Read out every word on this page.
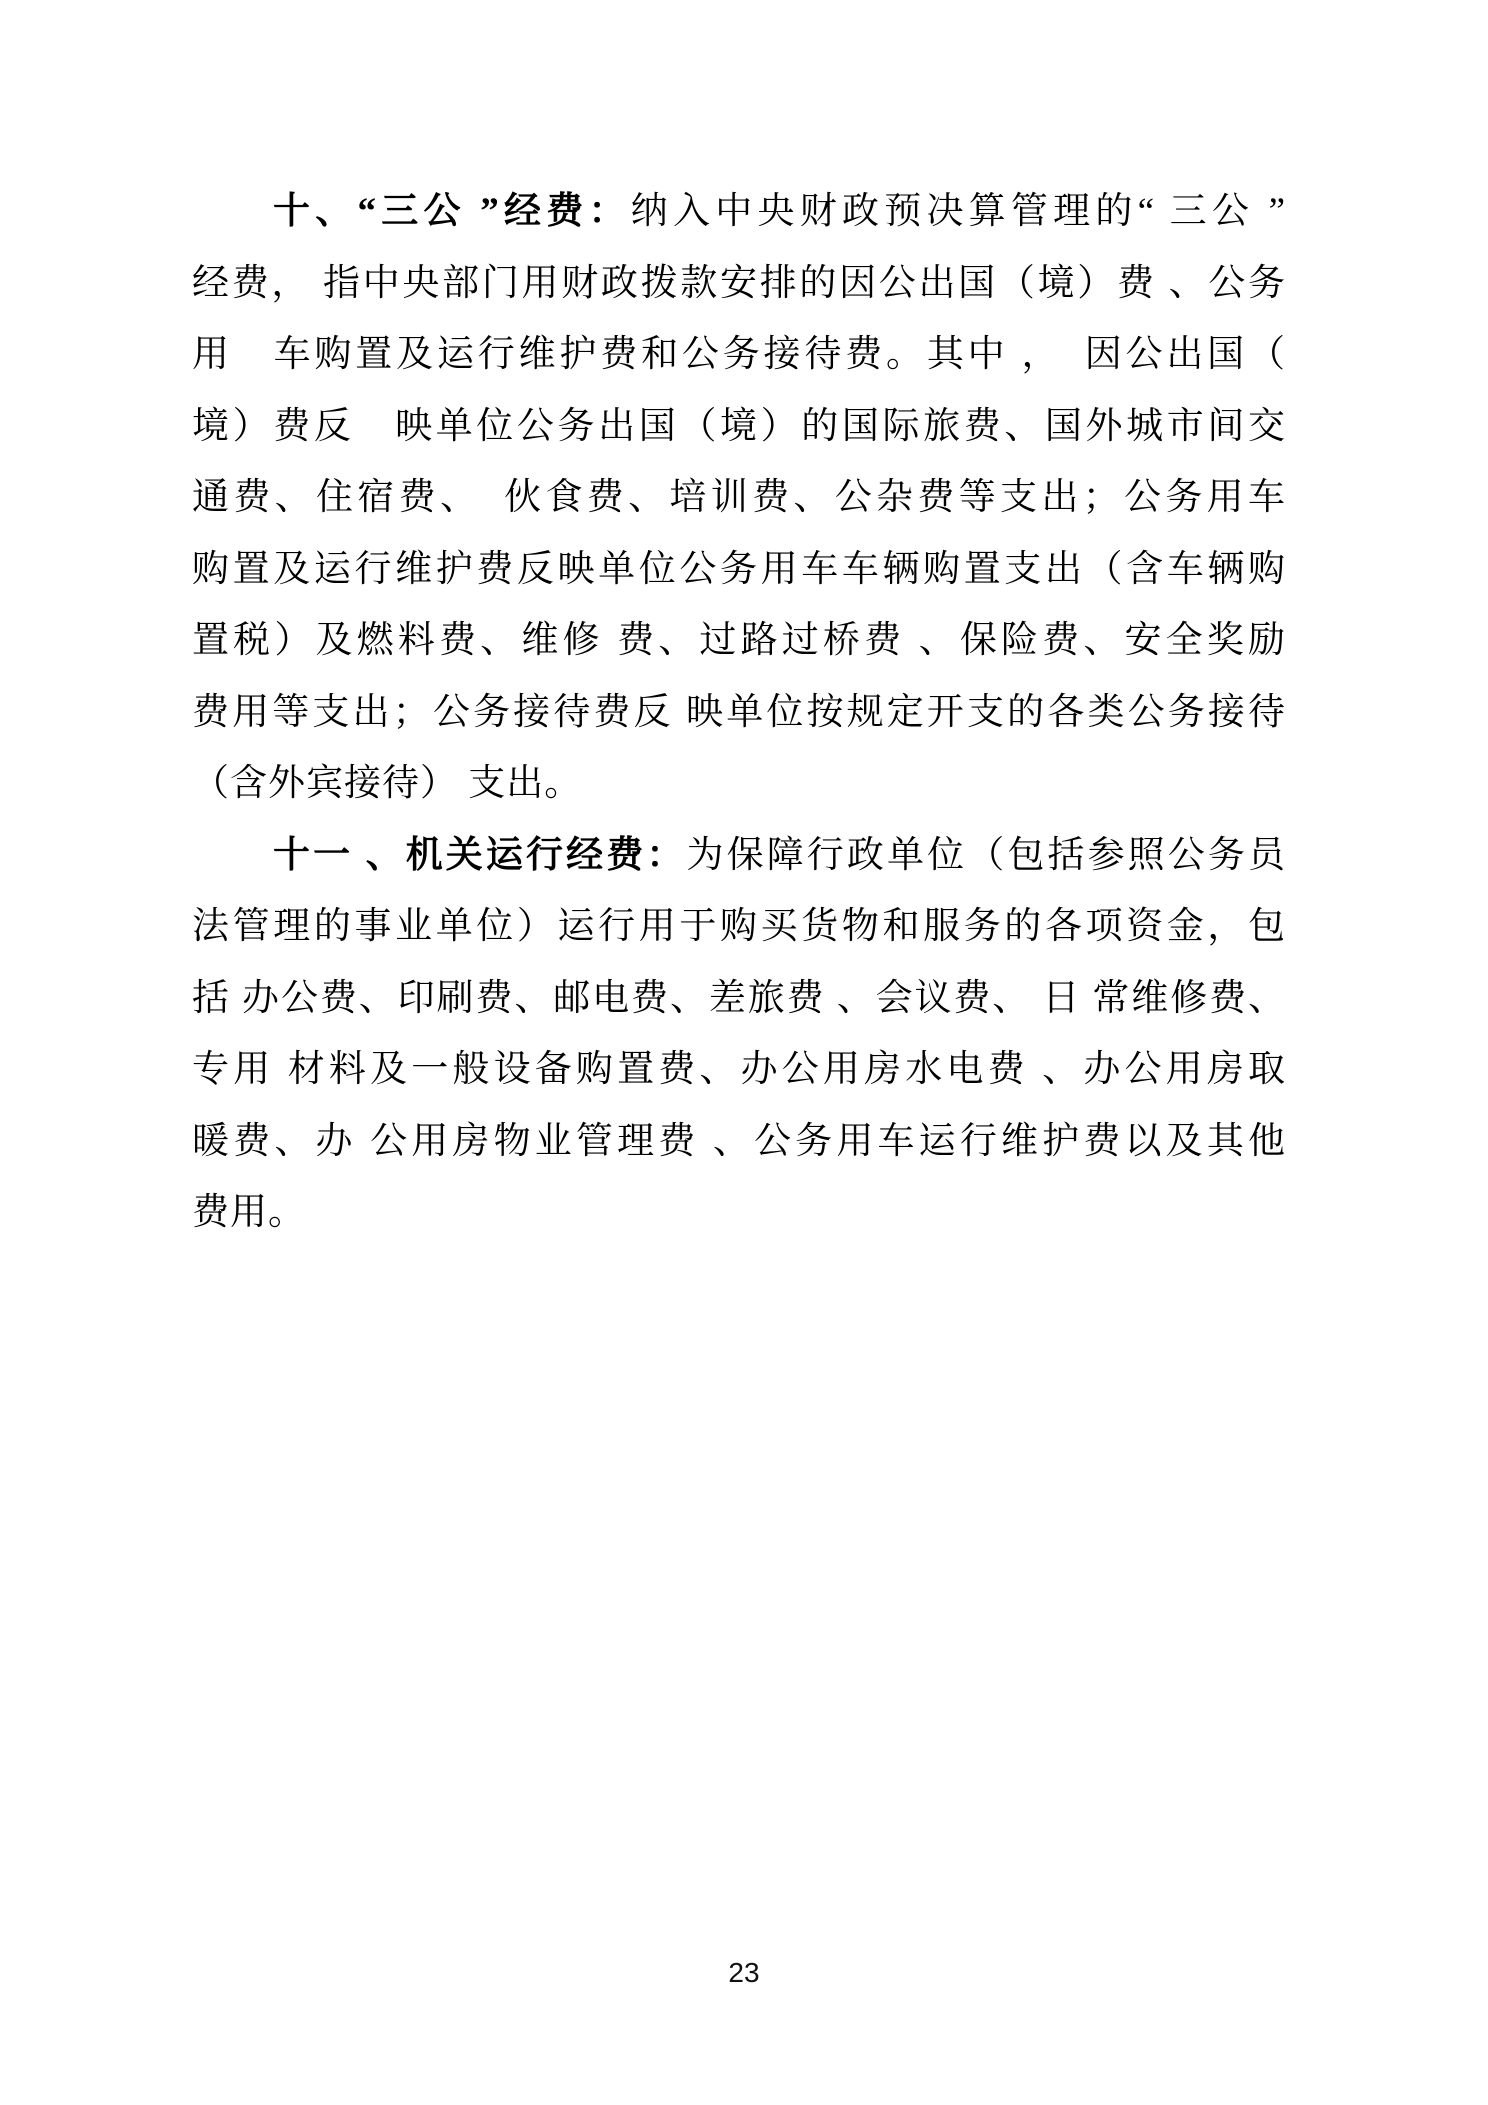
十、“三公 ”经费：纳入中央财政预决算管理的“ 三公 ”
经费， 指中央部门用财政拨款安排的因公出国（境）费 、公务
用　车购置及运行维护费和公务接待费。其中 ，　因公出国（
境）费反　映单位公务出国（境）的国际旅费、国外城市间交
通费、住宿费、　伙食费、培训费、公杂费等支出；公务用车
购置及运行维护费反映单位公务用车车辆购置支出（含车辆购
置税）及燃料费、维修 费、过路过桥费 、保险费、安全奖励
费用等支出；公务接待费反 映单位按规定开支的各类公务接待
（含外宾接待） 支出。
十一 、机关运行经费：为保障行政单位（包括参照公务员
法管理的事业单位）运行用于购买货物和服务的各项资金，包
括 办公费、印刷费、邮电费、差旅费 、会议费、 日 常维修费、
专用 材料及一般设备购置费、办公用房水电费 、办公用房取
暖费、办 公用房物业管理费 、公务用车运行维护费以及其他
费用。
23
